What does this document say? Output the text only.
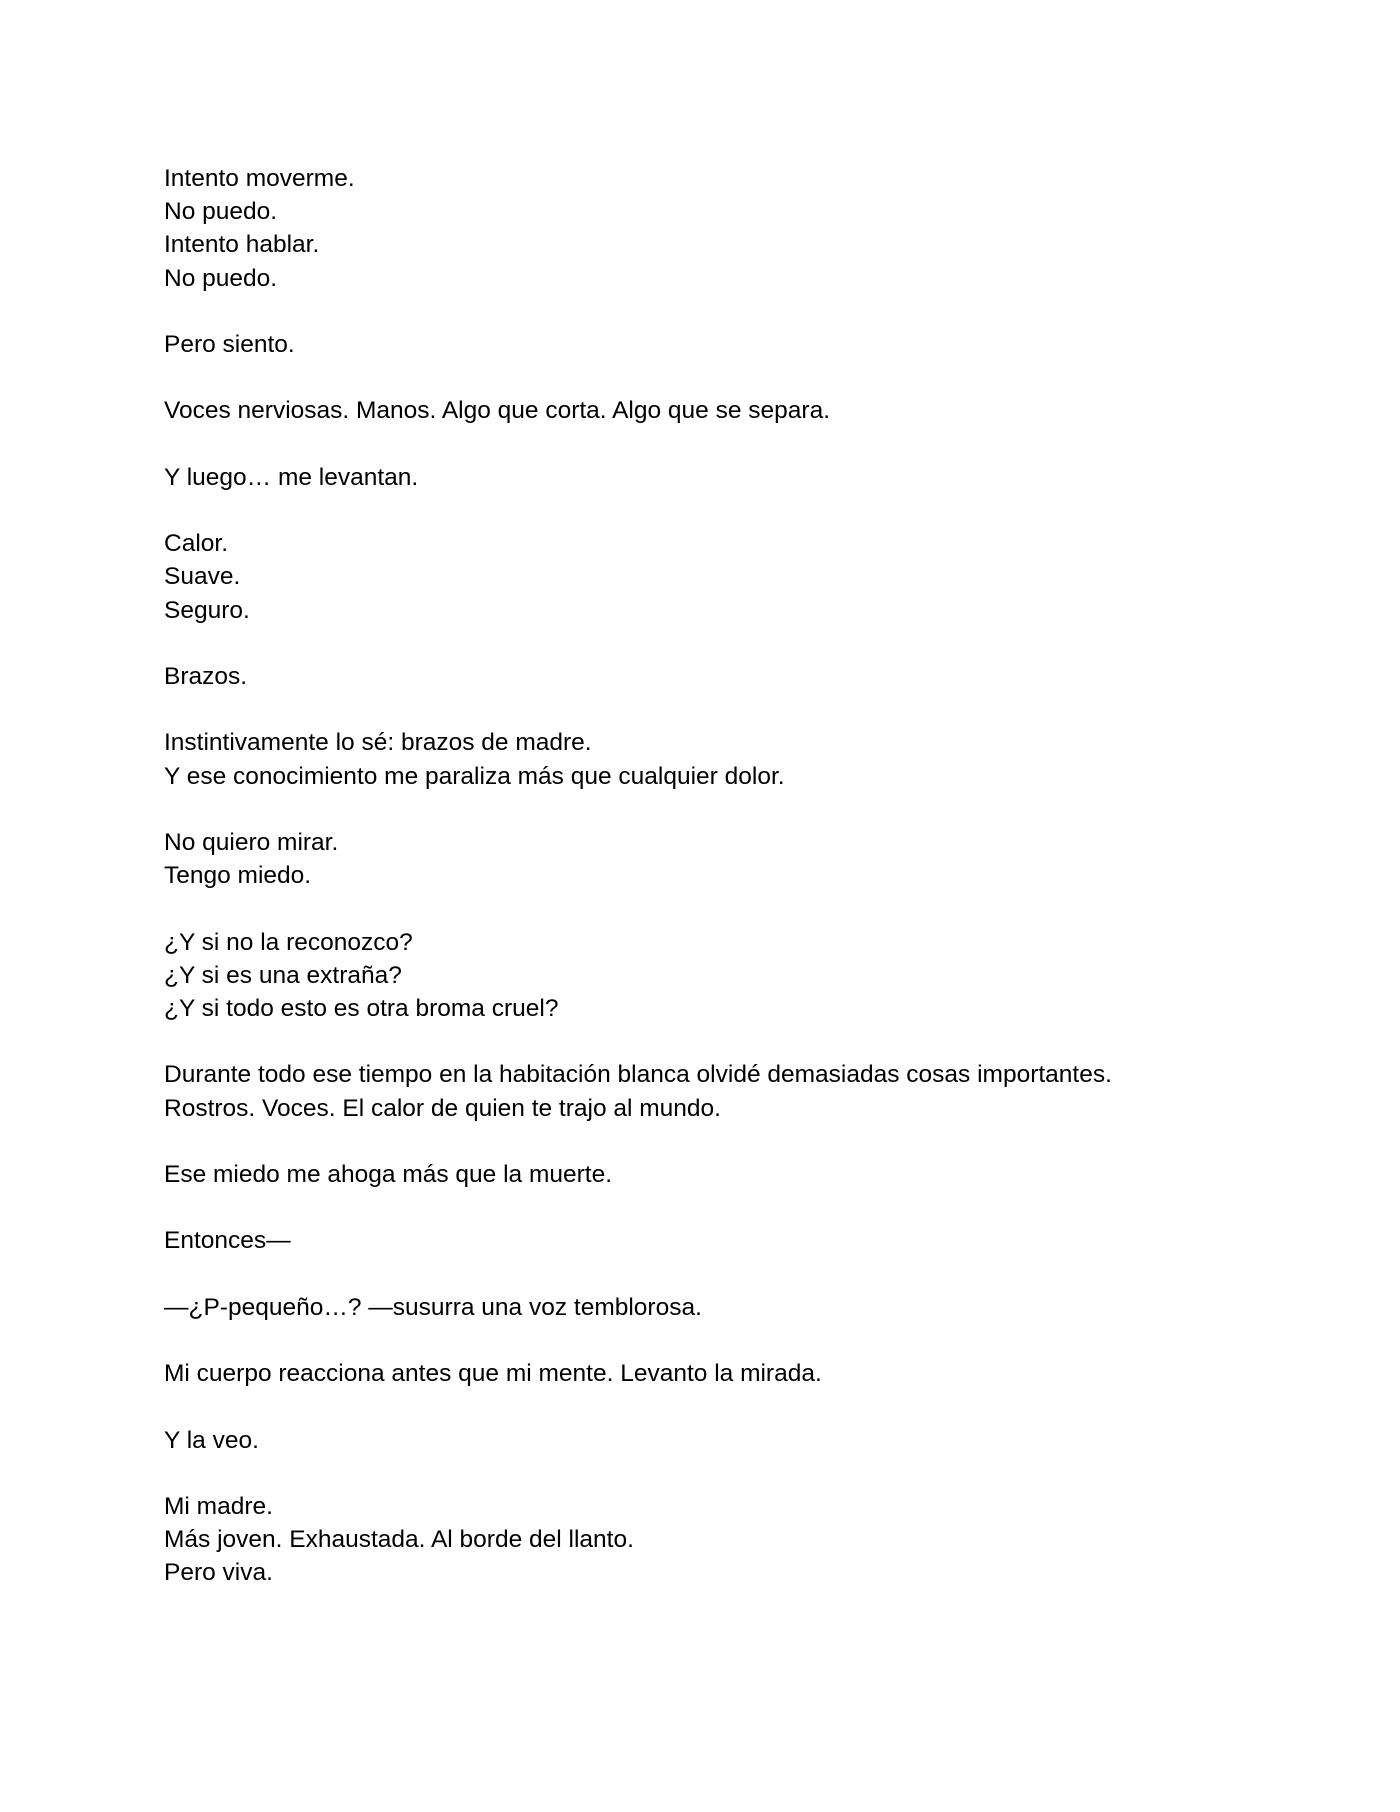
Intento moverme.
No puedo.
Intento hablar.
No puedo.
Pero siento.
Voces nerviosas. Manos. Algo que corta. Algo que se separa.
Y luego… me levantan.
Calor.
Suave.
Seguro.
Brazos.
Instintivamente lo sé: brazos de madre.
Y ese conocimiento me paraliza más que cualquier dolor.
No quiero mirar.
Tengo miedo.
¿Y si no la reconozco?
¿Y si es una extraña?
¿Y si todo esto es otra broma cruel?
Durante todo ese tiempo en la habitación blanca olvidé demasiadas cosas importantes.
Rostros. Voces. El calor de quien te trajo al mundo.
Ese miedo me ahoga más que la muerte.
Entonces—
—¿P-pequeño…? —susurra una voz temblorosa.
Mi cuerpo reacciona antes que mi mente. Levanto la mirada.
Y la veo.
Mi madre.
Más joven. Exhaustada. Al borde del llanto.
Pero viva.
